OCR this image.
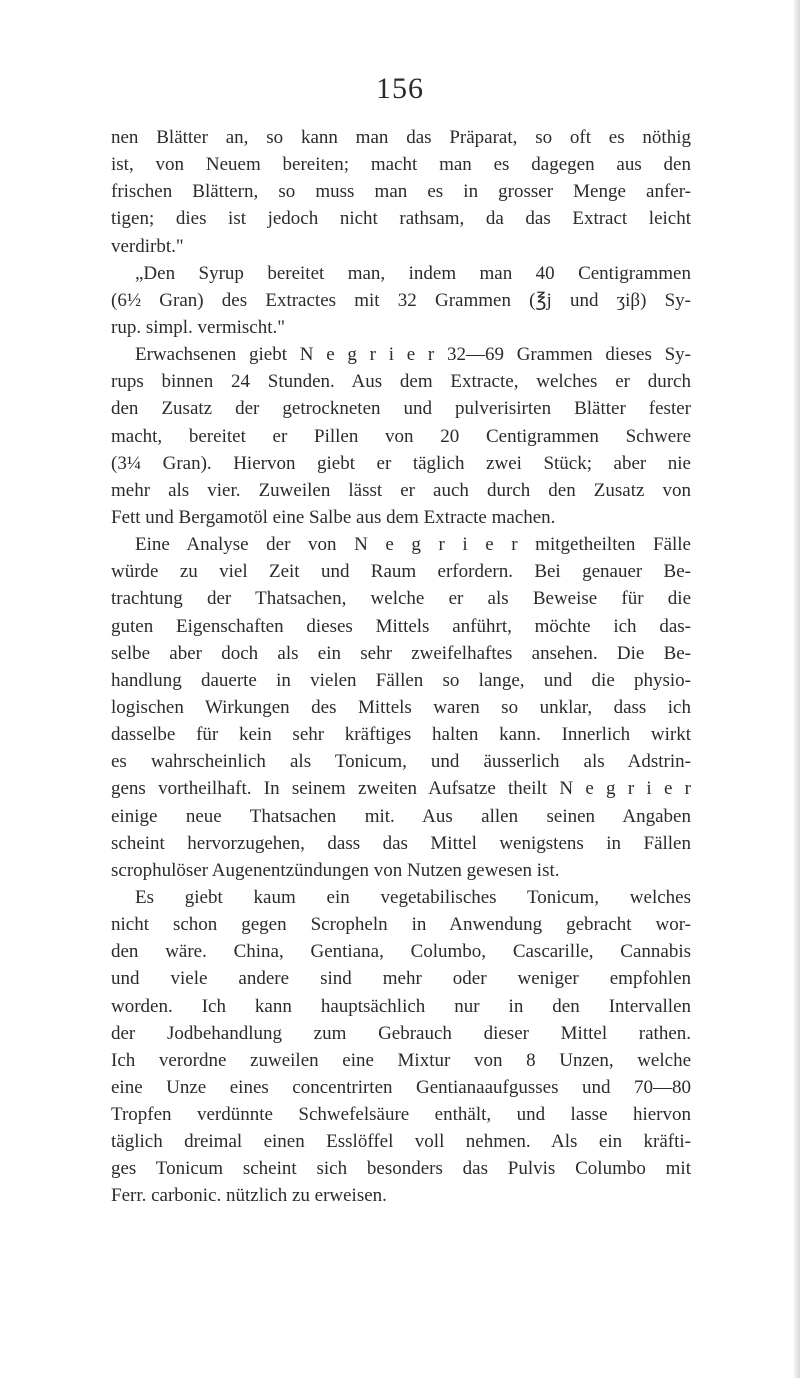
156
nen Blätter an, so kann man das Präparat, so oft es nöthig
ist, von Neuem bereiten; macht man es dagegen aus den
frischen Blättern, so muss man es in grosser Menge anfer-
tigen; dies ist jedoch nicht rathsam, da das Extract leicht
verdirbt."
„Den Syrup bereitet man, indem man 40 Centigrammen
(6½ Gran) des Extractes mit 32 Grammen (℥j und ʒiβ) Sy-
rup. simpl. vermischt."
Erwachsenen giebt N e g r i e r 32—69 Grammen dieses Sy-
rups binnen 24 Stunden. Aus dem Extracte, welches er durch
den Zusatz der getrockneten und pulverisirten Blätter fester
macht, bereitet er Pillen von 20 Centigrammen Schwere
(3¼ Gran). Hiervon giebt er täglich zwei Stück; aber nie
mehr als vier. Zuweilen lässt er auch durch den Zusatz von
Fett und Bergamotöl eine Salbe aus dem Extracte machen.
Eine Analyse der von N e g r i e r mitgetheilten Fälle
würde zu viel Zeit und Raum erfordern. Bei genauer Be-
trachtung der Thatsachen, welche er als Beweise für die
guten Eigenschaften dieses Mittels anführt, möchte ich das-
selbe aber doch als ein sehr zweifelhaftes ansehen. Die Be-
handlung dauerte in vielen Fällen so lange, und die physio-
logischen Wirkungen des Mittels waren so unklar, dass ich
dasselbe für kein sehr kräftiges halten kann. Innerlich wirkt
es wahrscheinlich als Tonicum, und äusserlich als Adstrin-
gens vortheilhaft. In seinem zweiten Aufsatze theilt N e g r i e r
einige neue Thatsachen mit. Aus allen seinen Angaben
scheint hervorzugehen, dass das Mittel wenigstens in Fällen
scrophulöser Augenentzündungen von Nutzen gewesen ist.
Es giebt kaum ein vegetabilisches Tonicum, welches
nicht schon gegen Scropheln in Anwendung gebracht wor-
den wäre. China, Gentiana, Columbo, Cascarille, Cannabis
und viele andere sind mehr oder weniger empfohlen
worden. Ich kann hauptsächlich nur in den Intervallen
der Jodbehandlung zum Gebrauch dieser Mittel rathen.
Ich verordne zuweilen eine Mixtur von 8 Unzen, welche
eine Unze eines concentrirten Gentianaaufgusses und 70—80
Tropfen verdünnte Schwefelsäure enthält, und lasse hiervon
täglich dreimal einen Esslöffel voll nehmen. Als ein kräfti-
ges Tonicum scheint sich besonders das Pulvis Columbo mit
Ferr. carbonic. nützlich zu erweisen.
